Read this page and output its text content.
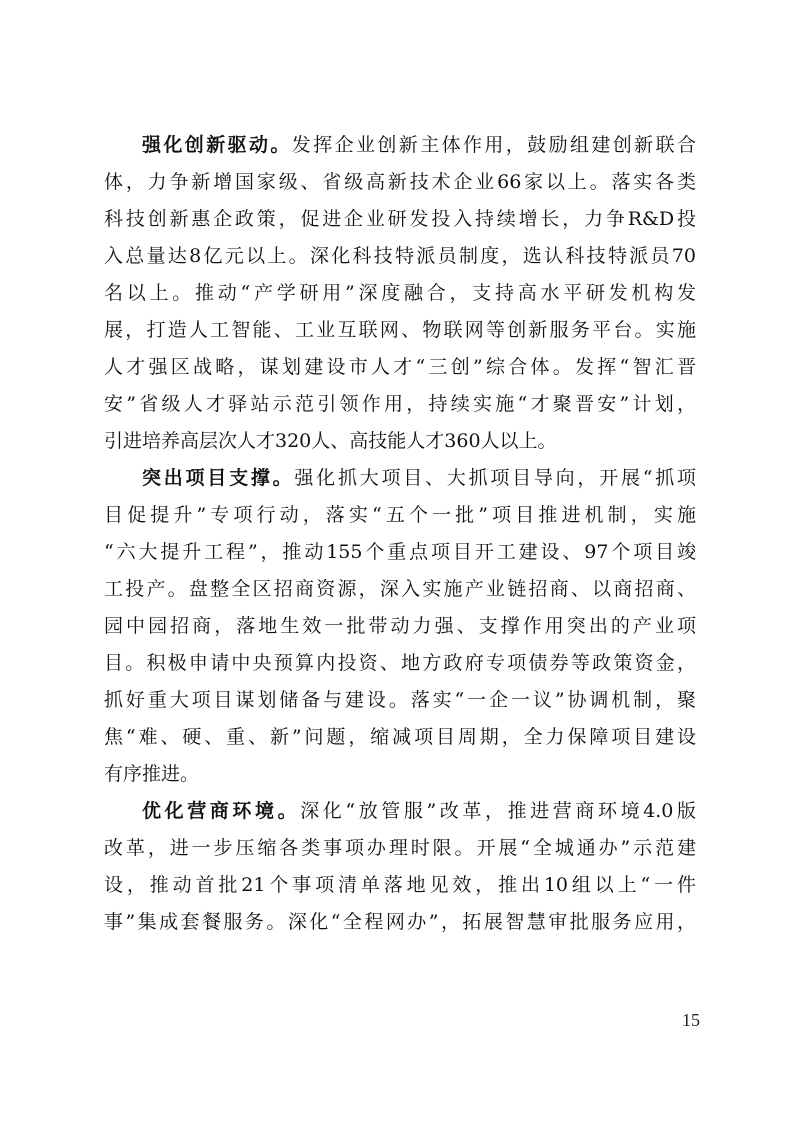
强化创新驱动。发挥企业创新主体作用，鼓励组建创新联合
体，力争新增国家级、省级高新技术企业66家以上。落实各类
科技创新惠企政策，促进企业研发投入持续增长，力争R&D投
入总量达8亿元以上。深化科技特派员制度，选认科技特派员70
名以上。推动“产学研用”深度融合，支持高水平研发机构发
展，打造人工智能、工业互联网、物联网等创新服务平台。实施
人才强区战略，谋划建设市人才“三创”综合体。发挥“智汇晋
安”省级人才驿站示范引领作用，持续实施“才聚晋安”计划，
引进培养高层次人才320人、高技能人才360人以上。
突出项目支撑。强化抓大项目、大抓项目导向，开展“抓项
目促提升”专项行动，落实“五个一批”项目推进机制，实施
“六大提升工程”，推动155个重点项目开工建设、97个项目竣
工投产。盘整全区招商资源，深入实施产业链招商、以商招商、
园中园招商，落地生效一批带动力强、支撑作用突出的产业项
目。积极申请中央预算内投资、地方政府专项债券等政策资金，
抓好重大项目谋划储备与建设。落实“一企一议”协调机制，聚
焦“难、硬、重、新”问题，缩减项目周期，全力保障项目建设
有序推进。
优化营商环境。深化“放管服”改革，推进营商环境4.0版
改革，进一步压缩各类事项办理时限。开展“全城通办”示范建
设，推动首批21个事项清单落地见效，推出10组以上“一件
事”集成套餐服务。深化“全程网办”，拓展智慧审批服务应用，
15
